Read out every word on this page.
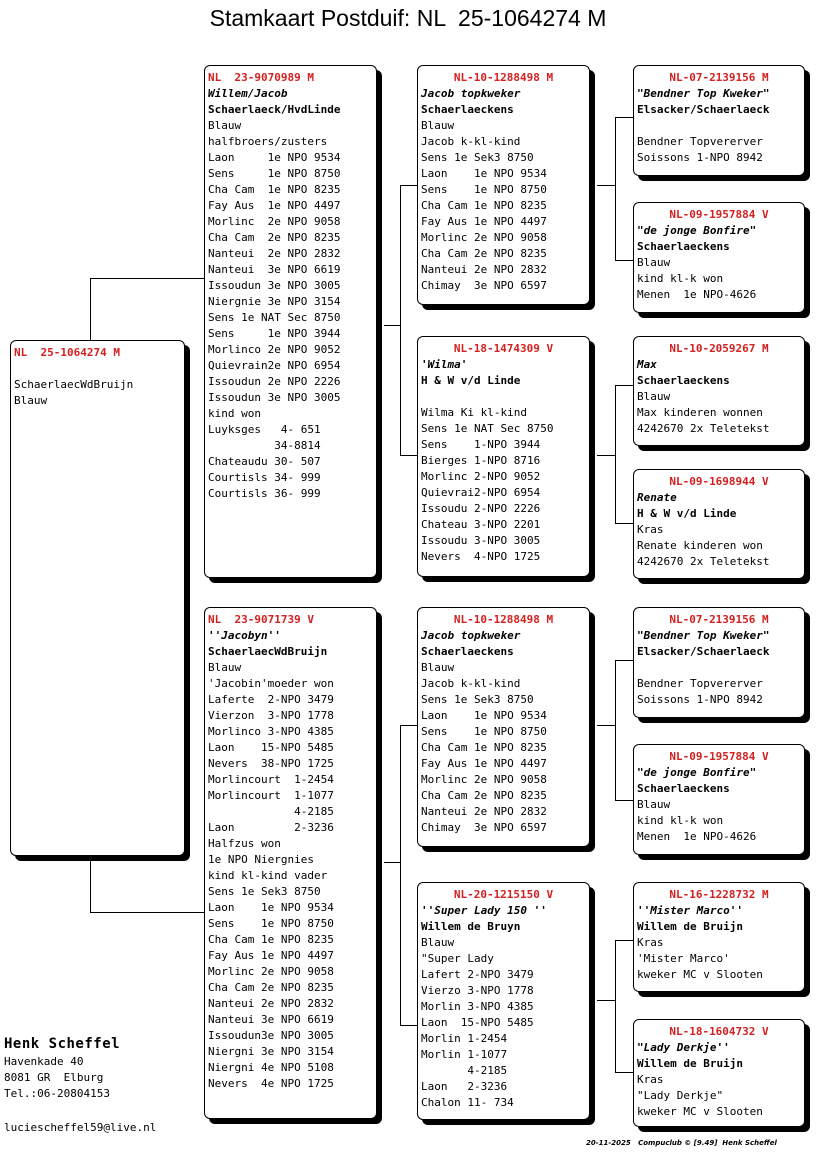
Stamkaart Postduif: NL  25-1064274 M
NL  25-1064274 M
SchaerlaecWdBruijn
Blauw
NL  23-9070989 M
Willem/Jacob
Schaerlaeck/HvdLinde
Blauw
halfbroers/zusters
Laon     1e NPO 9534
Sens     1e NPO 8750
Cha Cam  1e NPO 8235
Fay Aus  1e NPO 4497
Morlinc  2e NPO 9058
Cha Cam  2e NPO 8235
Nanteui  2e NPO 2832
Nanteui  3e NPO 6619
Issoudun 3e NPO 3005
Niergnie 3e NPO 3154
Sens 1e NAT Sec 8750
Sens     1e NPO 3944
Morlinco 2e NPO 9052
Quievrain2e NPO 6954
Issoudun 2e NPO 2226
Issoudun 3e NPO 3005
kind won
Luyksges   4- 651
34-8814
Chateaudu 30- 507
Courtisls 34- 999
Courtisls 36- 999
NL  23-9071739 V
''Jacobyn''
SchaerlaecWdBruijn
Blauw
'Jacobin'moeder won
Laferte  2-NPO 3479
Vierzon  3-NPO 1778
Morlinco 3-NPO 4385
Laon    15-NPO 5485
Nevers  38-NPO 1725
Morlincourt  1-2454
Morlincourt  1-1077
4-2185
Laon         2-3236
Halfzus won
1e NPO Niergnies
kind kl-kind vader
Sens 1e Sek3 8750
Laon    1e NPO 9534
Sens    1e NPO 8750
Cha Cam 1e NPO 8235
Fay Aus 1e NPO 4497
Morlinc 2e NPO 9058
Cha Cam 2e NPO 8235
Nanteui 2e NPO 2832
Nanteui 3e NPO 6619
Issoudun3e NPO 3005
Niergni 3e NPO 3154
Niergni 4e NPO 5108
Nevers  4e NPO 1725
NL-10-1288498 M
Jacob topkweker
Schaerlaeckens
Blauw
Jacob k-kl-kind
Sens 1e Sek3 8750
Laon    1e NPO 9534
Sens    1e NPO 8750
Cha Cam 1e NPO 8235
Fay Aus 1e NPO 4497
Morlinc 2e NPO 9058
Cha Cam 2e NPO 8235
Nanteui 2e NPO 2832
Chimay  3e NPO 6597
NL-18-1474309 V
'Wilma'
H & W v/d Linde
Wilma Ki kl-kind
Sens 1e NAT Sec 8750
Sens    1-NPO 3944
Bierges 1-NPO 8716
Morlinc 2-NPO 9052
Quievrai2-NPO 6954
Issoudu 2-NPO 2226
Chateau 3-NPO 2201
Issoudu 3-NPO 3005
Nevers  4-NPO 1725
NL-10-1288498 M
Jacob topkweker
Schaerlaeckens
Blauw
Jacob k-kl-kind
Sens 1e Sek3 8750
Laon    1e NPO 9534
Sens    1e NPO 8750
Cha Cam 1e NPO 8235
Fay Aus 1e NPO 4497
Morlinc 2e NPO 9058
Cha Cam 2e NPO 8235
Nanteui 2e NPO 2832
Chimay  3e NPO 6597
NL-20-1215150 V
''Super Lady 150 ''
Willem de Bruyn
Blauw
"Super Lady
Lafert 2-NPO 3479
Vierzo 3-NPO 1778
Morlin 3-NPO 4385
Laon  15-NPO 5485
Morlin 1-2454
Morlin 1-1077
4-2185
Laon   2-3236
Chalon 11- 734
NL-07-2139156 M
"Bendner Top Kweker"
Elsacker/Schaerlaeck
Bendner Topvererver
Soissons 1-NPO 8942
NL-09-1957884 V
"de jonge Bonfire"
Schaerlaeckens
Blauw
kind kl-k won
Menen  1e NPO-4626
NL-10-2059267 M
Max
Schaerlaeckens
Blauw
Max kinderen wonnen
4242670 2x Teletekst
NL-09-1698944 V
Renate
H & W v/d Linde
Kras
Renate kinderen won
4242670 2x Teletekst
NL-07-2139156 M
"Bendner Top Kweker"
Elsacker/Schaerlaeck
Bendner Topvererver
Soissons 1-NPO 8942
NL-09-1957884 V
"de jonge Bonfire"
Schaerlaeckens
Blauw
kind kl-k won
Menen  1e NPO-4626
NL-16-1228732 M
''Mister Marco''
Willem de Bruijn
Kras
'Mister Marco'
kweker MC v Slooten
NL-18-1604732 V
"Lady Derkje''
Willem de Bruijn
Kras
"Lady Derkje"
kweker MC v Slooten
Henk Scheffel
Havenkade 40
8081 GR  Elburg
Tel.:06-20804153
luciescheffel59@live.nl
20-11-2025   Compuclub © [9.49]  Henk Scheffel
